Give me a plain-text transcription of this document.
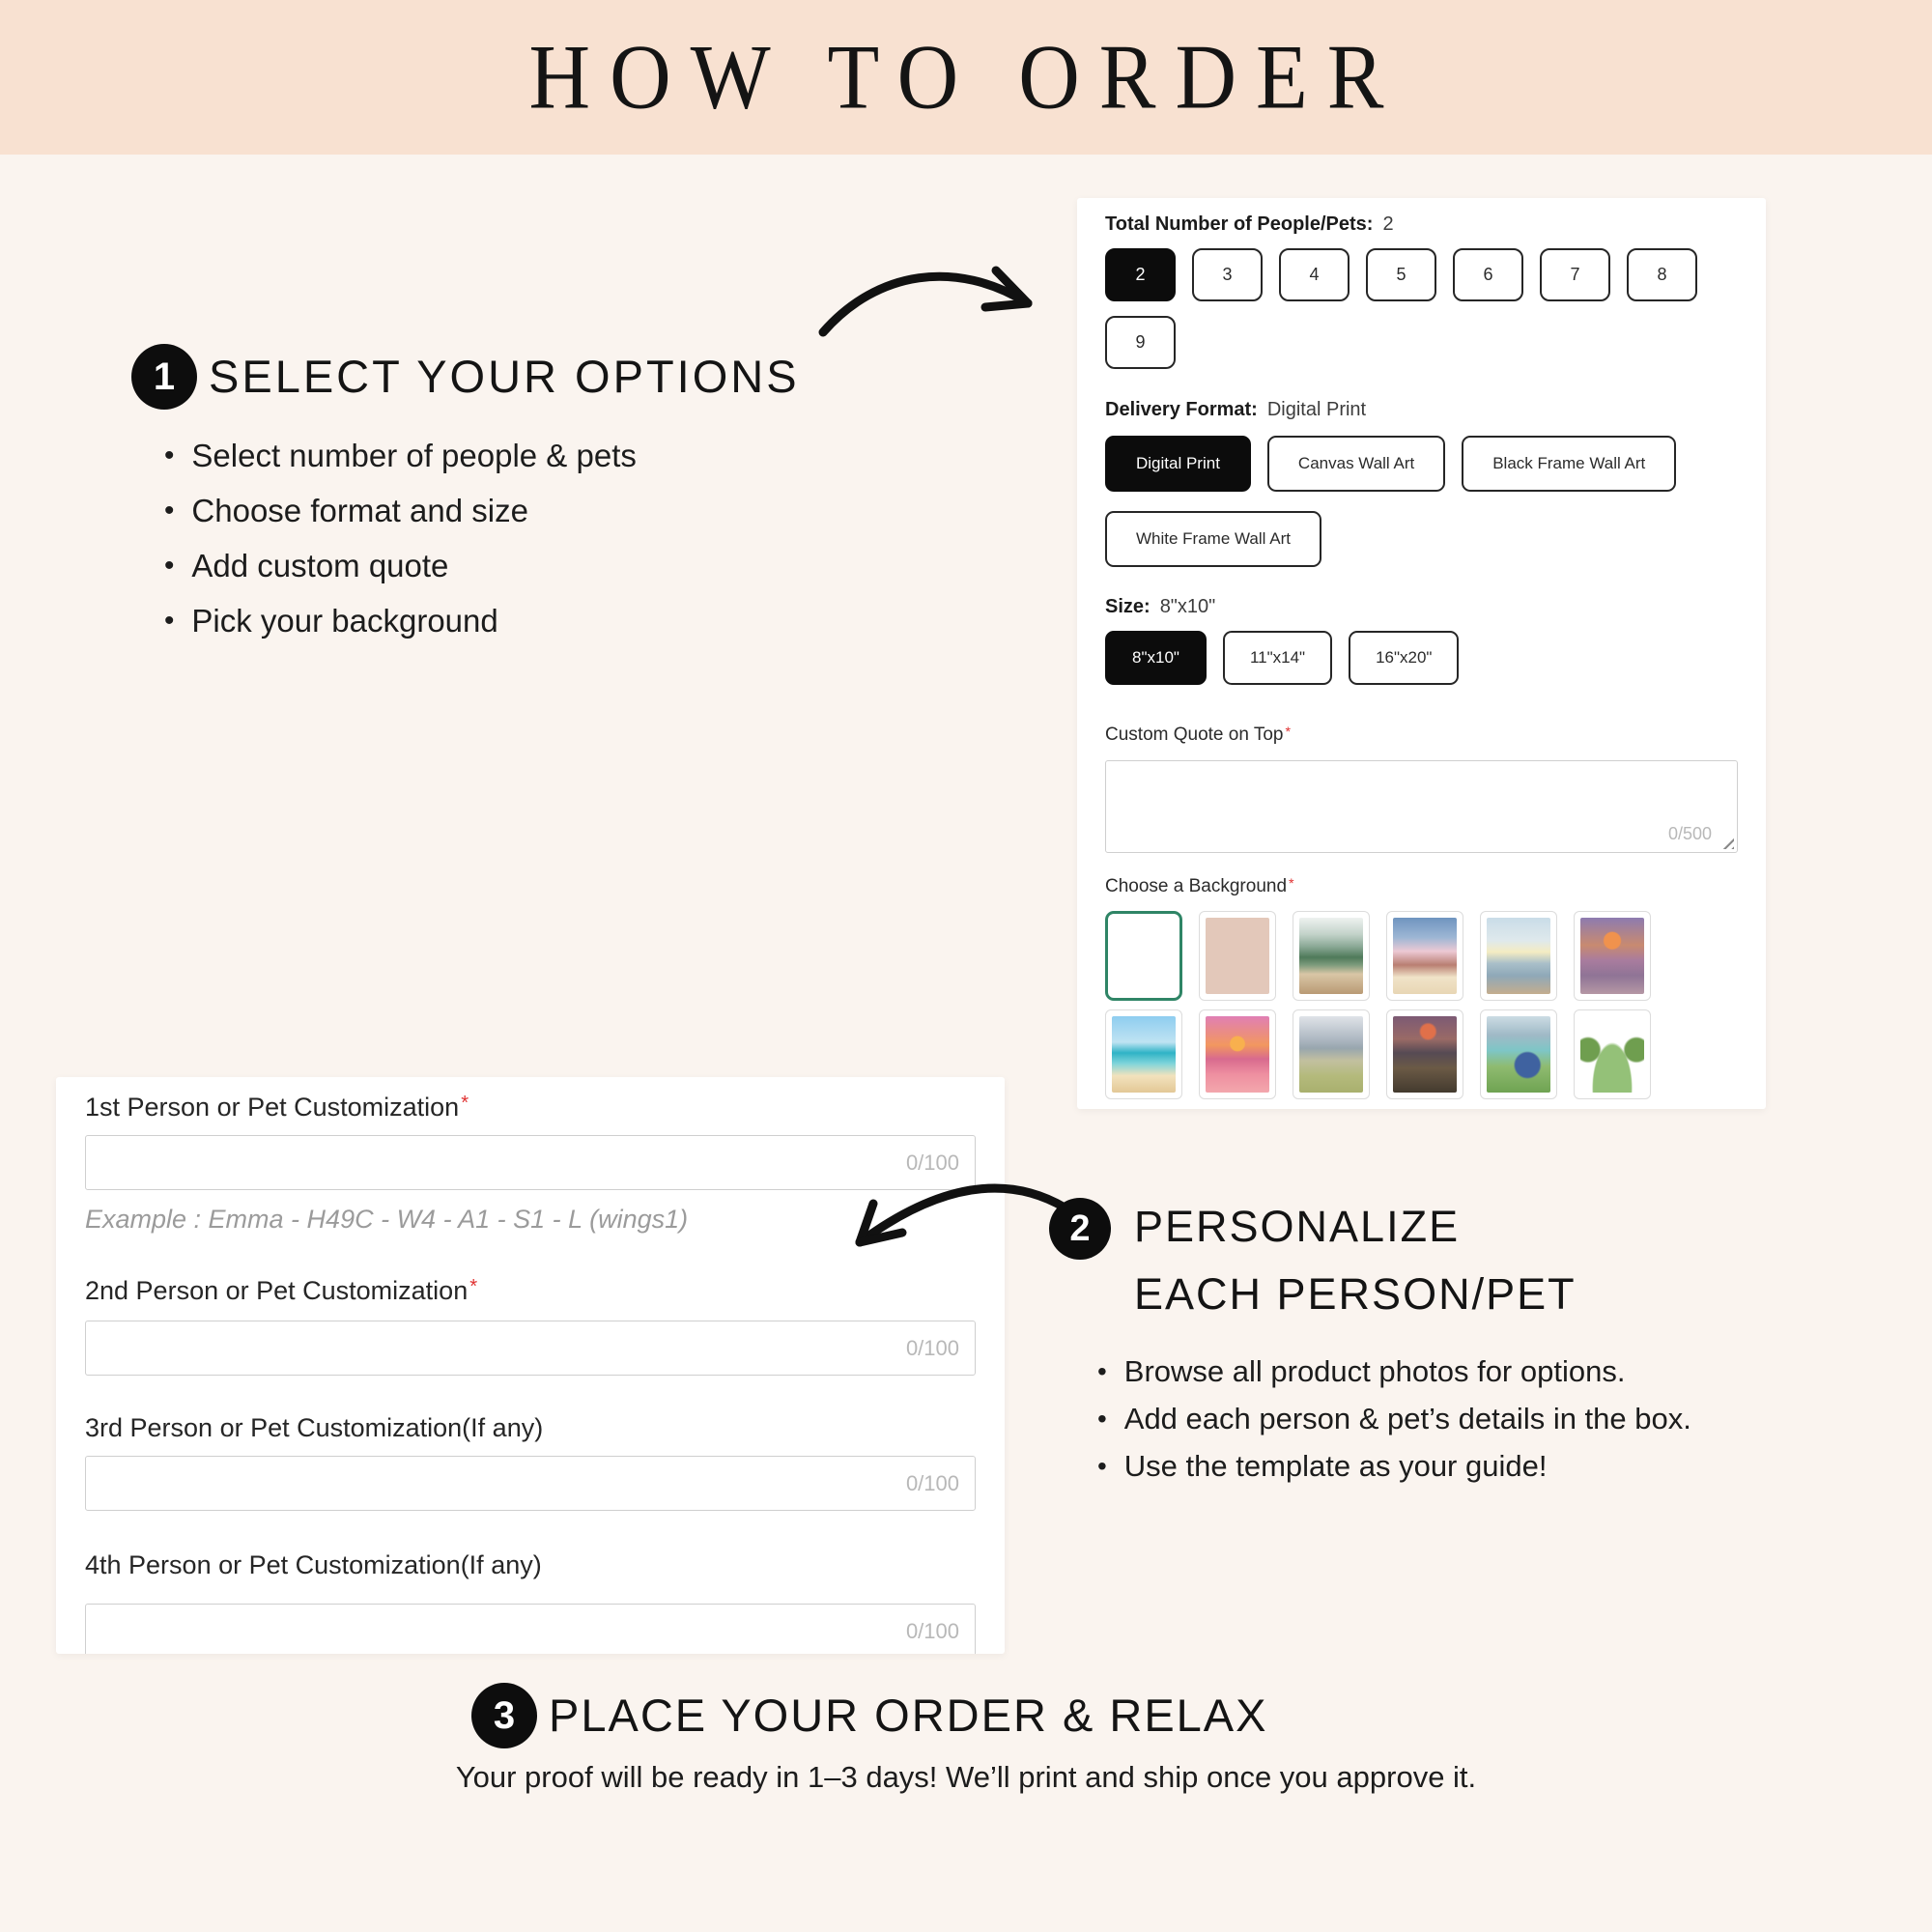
HOW TO ORDER
1 SELECT YOUR OPTIONS
• Select number of people & pets
• Choose format and size
• Add custom quote
• Pick your background
Total Number of People/Pets: 2
2	3	4	5	6	7	8
9
Delivery Format: Digital Print
Digital Print	Canvas Wall Art	Black Frame Wall Art
White Frame Wall Art
Size: 8"x10"
8"x10"	11"x14"	16"x20"
Custom Quote on Top *
0/500
Choose a Background *
1st Person or Pet Customization*
0/100
Example : Emma - H49C - W4 - A1 - S1 - L (wings1)
2nd Person or Pet Customization*
0/100
3rd Person or Pet Customization(If any)
0/100
4th Person or Pet Customization(If any)
0/100
2	PERSONALIZE
EACH PERSON/PET
• Browse all product photos for options.
• Add each person & pet’s details in the box.
• Use the template as your guide!
3 PLACE YOUR ORDER & RELAX
Your proof will be ready in 1–3 days! We’ll print and ship once you approve it.
